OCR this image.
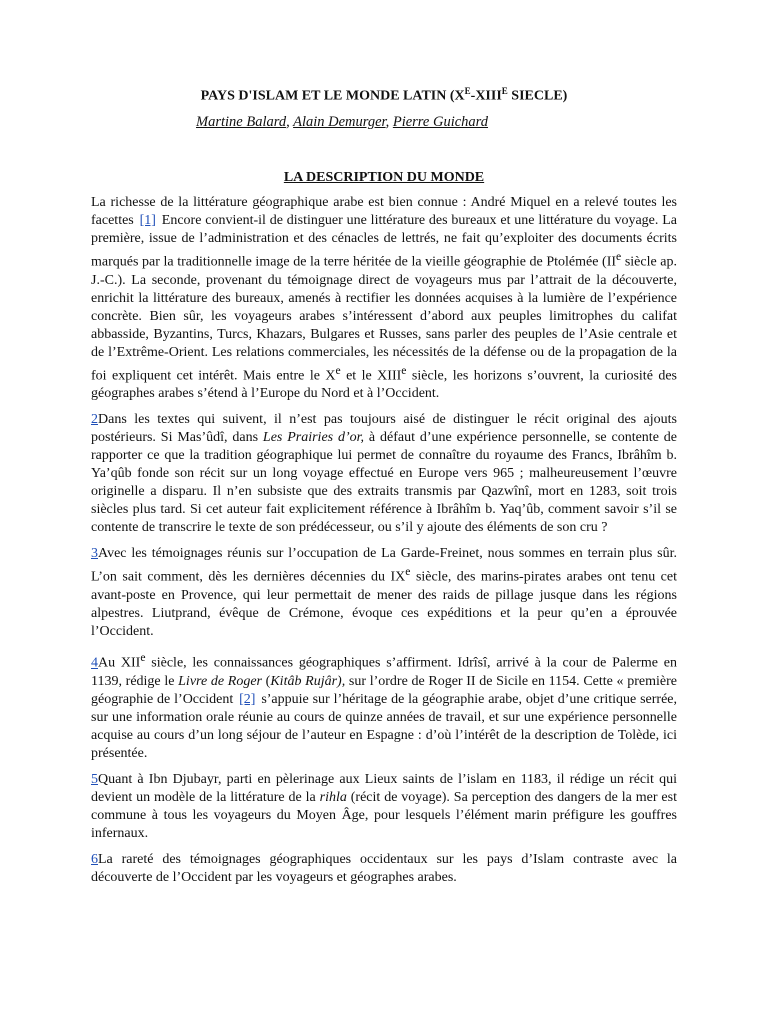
PAYS D'ISLAM ET LE MONDE LATIN ($X^E-XIII^E$ SIECLE)
Martine Balard, Alain Demurger, Pierre Guichard
LA DESCRIPTION DU MONDE

La richesse de la littérature géographique arabe est bien connue : André Miquel en a relevé toutes les facettes [1] Encore convient-il de distinguer une littérature des bureaux et une littérature du voyage. La première, issue de l’administration et des cénacles de lettrés, ne fait qu’exploiter des documents écrits marqués par la traditionnelle image de la terre héritée de la vieille géographie de Ptolémée (IIe siècle ap. J.-C.). La seconde, provenant du témoignage direct de voyageurs mus par l’attrait de la découverte, enrichit la littérature des bureaux, amenés à rectifier les données acquises à la lumière de l’expérience concrète. Bien sûr, les voyageurs arabes s’intéressent d’abord aux peuples limitrophes du califat abbasside, Byzantins, Turcs, Khazars, Bulgares et Russes, sans parler des peuples de l’Asie centrale et de l’Extrême-Orient. Les relations commerciales, les nécessités de la défense ou de la propagation de la foi expliquent cet intérêt. Mais entre le Xe et le XIIIe siècle, les horizons s’ouvrent, la curiosité des géographes arabes s’étend à l’Europe du Nord et à l’Occident.

2Dans les textes qui suivent, il n’est pas toujours aisé de distinguer le récit original des ajouts postérieurs. Si Mas’ûdî, dans Les Prairies d’or, à défaut d’une expérience personnelle, se contente de rapporter ce que la tradition géographique lui permet de connaître du royaume des Francs, Ibrâhîm b. Ya’qûb fonde son récit sur un long voyage effectué en Europe vers 965 ; malheureusement l’œuvre originelle a disparu. Il n’en subsiste que des extraits transmis par Qazwînî, mort en 1283, soit trois siècles plus tard. Si cet auteur fait explicitement référence à Ibrâhîm b. Yaq’ûb, comment savoir s’il se contente de transcrire le texte de son prédécesseur, ou s’il y ajoute des éléments de son cru ?

3Avec les témoignages réunis sur l’occupation de La Garde-Freinet, nous sommes en terrain plus sûr. L’on sait comment, dès les dernières décennies du IXe siècle, des marins-pirates arabes ont tenu cet avant-poste en Provence, qui leur permettait de mener des raids de pillage jusque dans les régions alpestres. Liutprand, évêque de Crémone, évoque ces expéditions et la peur qu’en a éprouvée l’Occident.

4Au XIIe siècle, les connaissances géographiques s’affirment. Idrîsî, arrivé à la cour de Palerme en 1139, rédige le Livre de Roger (Kitâb Rujâr), sur l’ordre de Roger II de Sicile en 1154. Cette « première géographie de l’Occident [2] s’appuie sur l’héritage de la géographie arabe, objet d’une critique serrée, sur une information orale réunie au cours de quinze années de travail, et sur une expérience personnelle acquise au cours d’un long séjour de l’auteur en Espagne : d’où l’intérêt de la description de Tolède, ici présentée.

5Quant à Ibn Djubayr, parti en pèlerinage aux Lieux saints de l’islam en 1183, il rédige un récit qui devient un modèle de la littérature de la rihla (récit de voyage). Sa perception des dangers de la mer est commune à tous les voyageurs du Moyen Âge, pour lesquels l’élément marin préfigure les gouffres infernaux.

6La rareté des témoignages géographiques occidentaux sur les pays d’Islam contraste avec la découverte de l’Occident par les voyageurs et géographes arabes.
